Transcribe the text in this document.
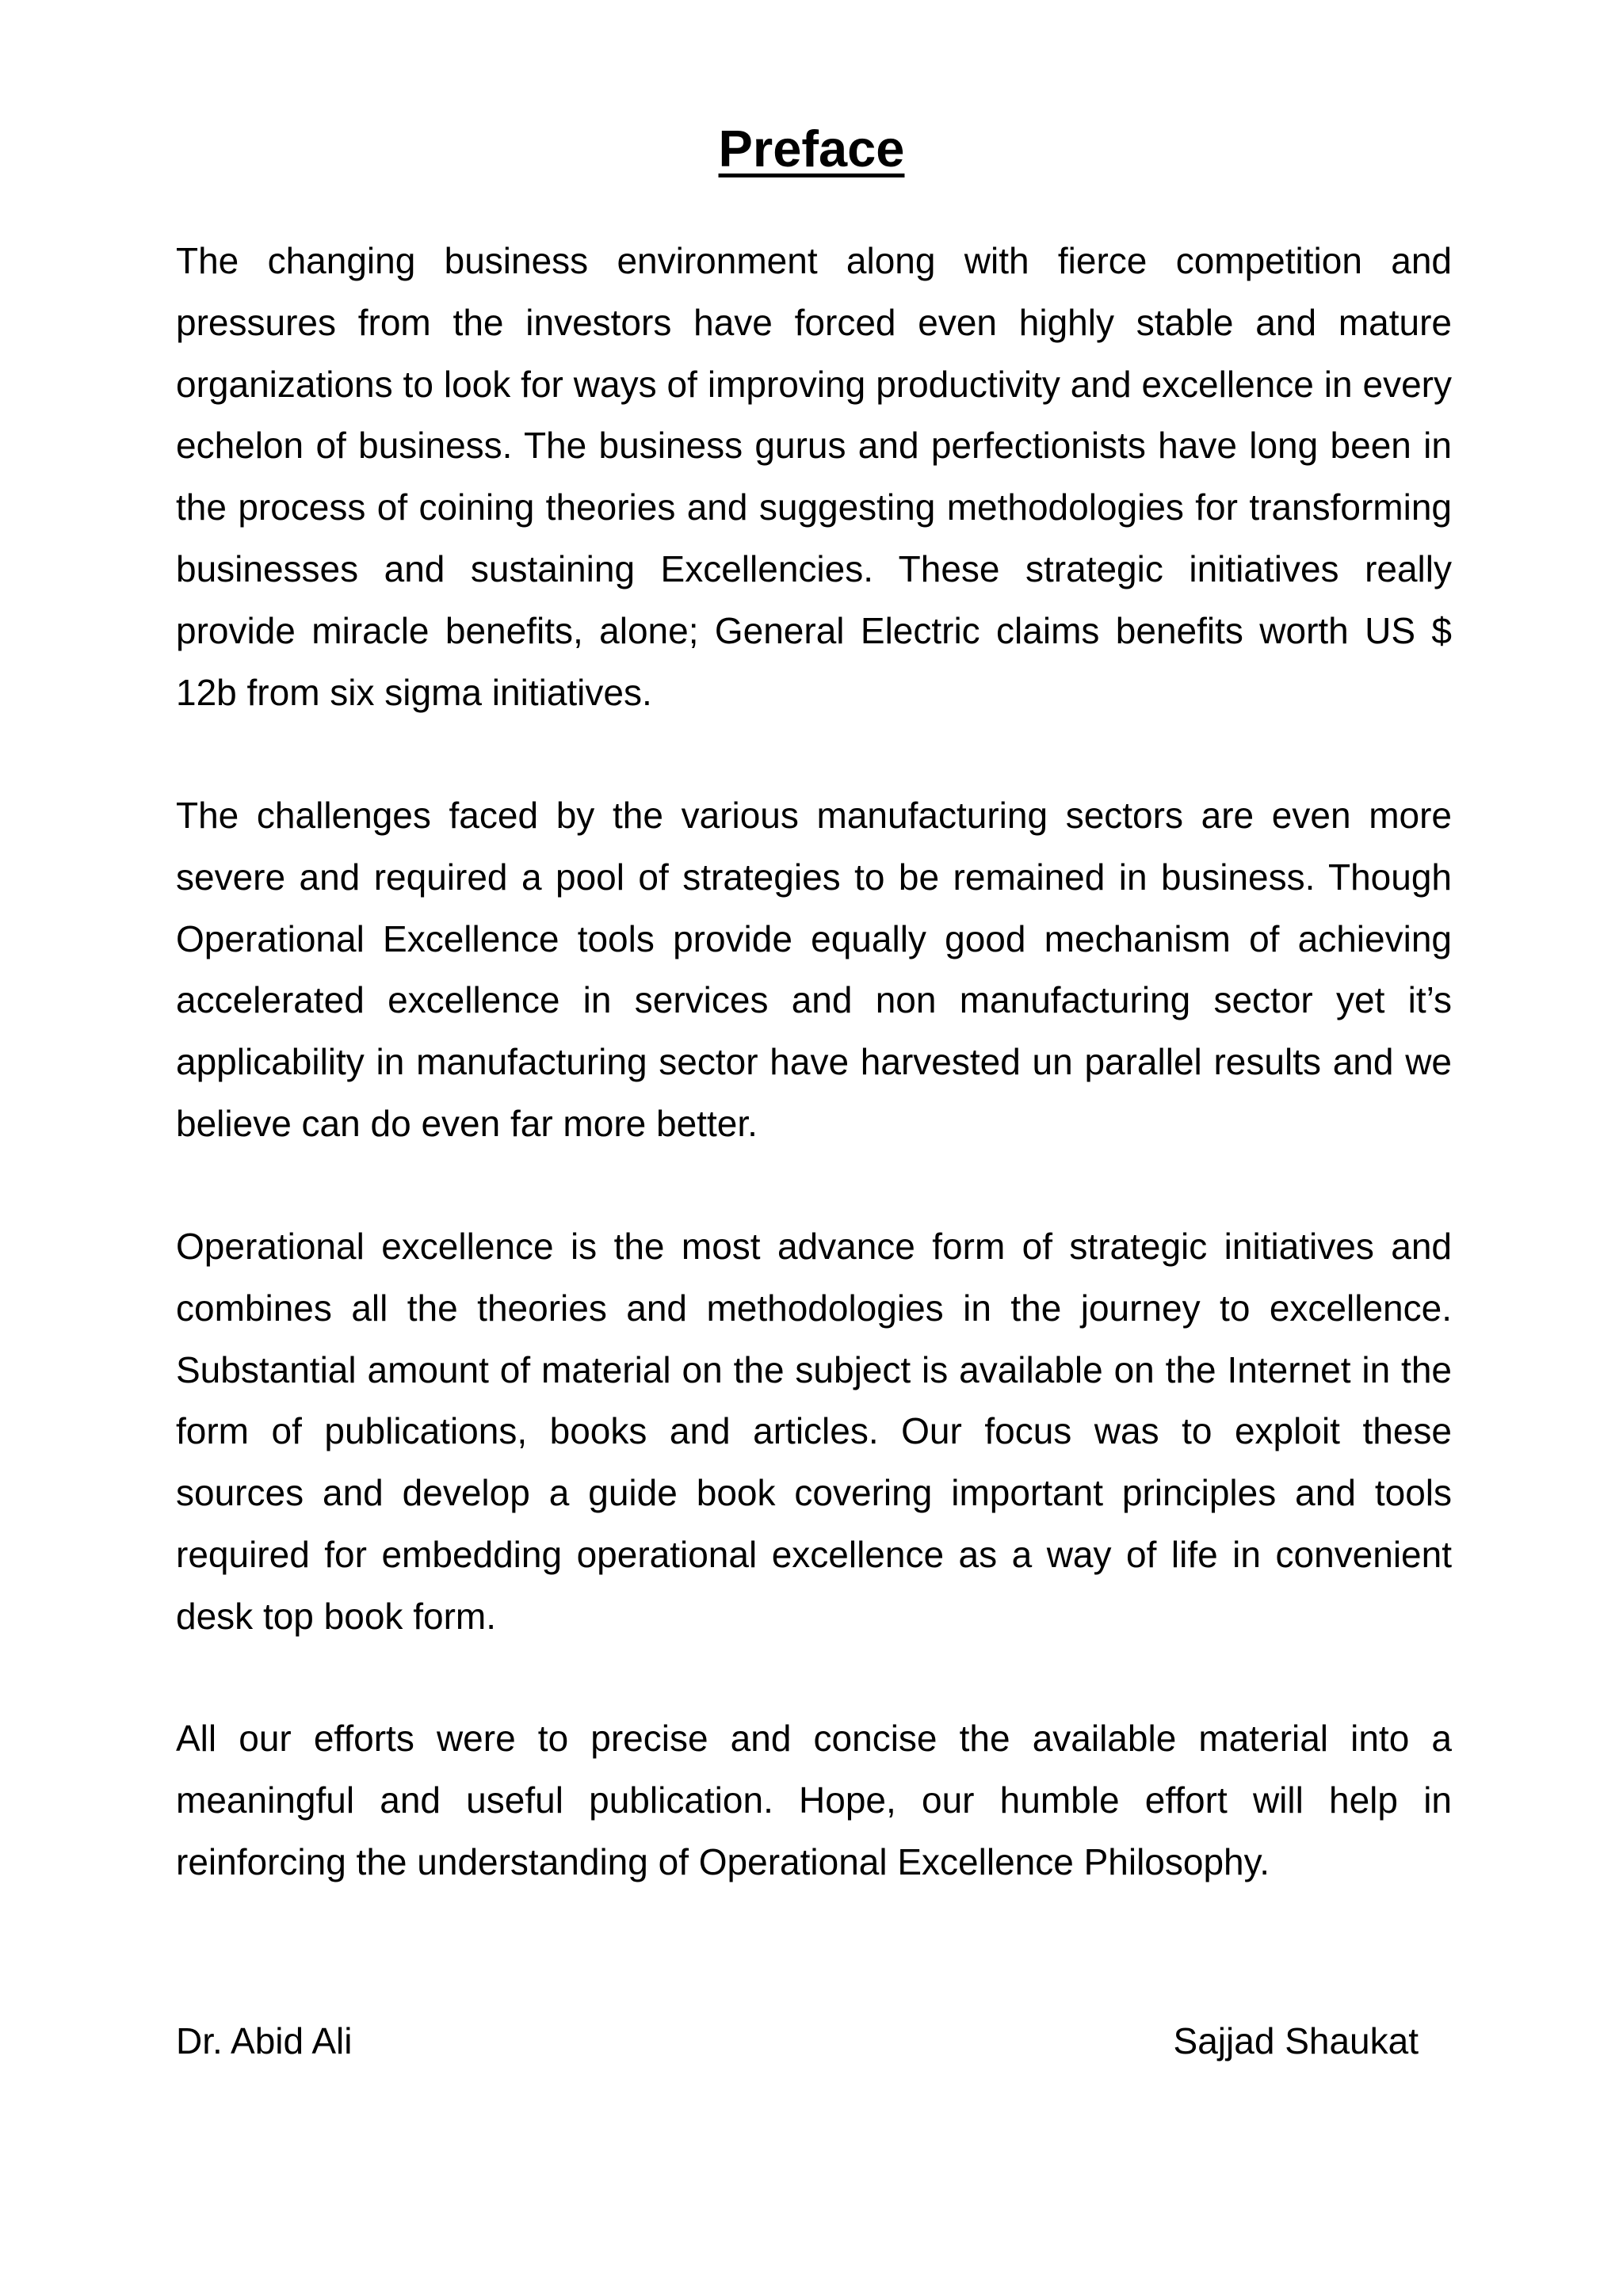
Preface

The changing business environment along with fierce competition and pressures from the investors have forced even highly stable and mature organizations to look for ways of improving productivity and excellence in every echelon of business. The business gurus and perfectionists have long been in the process of coining theories and suggesting methodologies for transforming businesses and sustaining Excellencies. These strategic initiatives really provide miracle benefits, alone; General Electric claims benefits worth US $ 12b from six sigma initiatives.

The challenges faced by the various manufacturing sectors are even more severe and required a pool of strategies to be remained in business. Though Operational Excellence tools provide equally good mechanism of achieving accelerated excellence in services and non manufacturing sector yet it’s applicability in manufacturing sector have harvested un parallel results and we believe can do even far more better.

Operational excellence is the most advance form of strategic initiatives and combines all the theories and methodologies in the journey to excellence. Substantial amount of material on the subject is available on the Internet in the form of publications, books and articles. Our focus was to exploit these sources and develop a guide book covering important principles and tools required for embedding operational excellence as a way of life in convenient desk top book form.

All our efforts were to precise and concise the available material into a meaningful and useful publication. Hope, our humble effort will help in reinforcing the understanding of Operational Excellence Philosophy.

Dr. Abid Ali	Sajjad Shaukat
